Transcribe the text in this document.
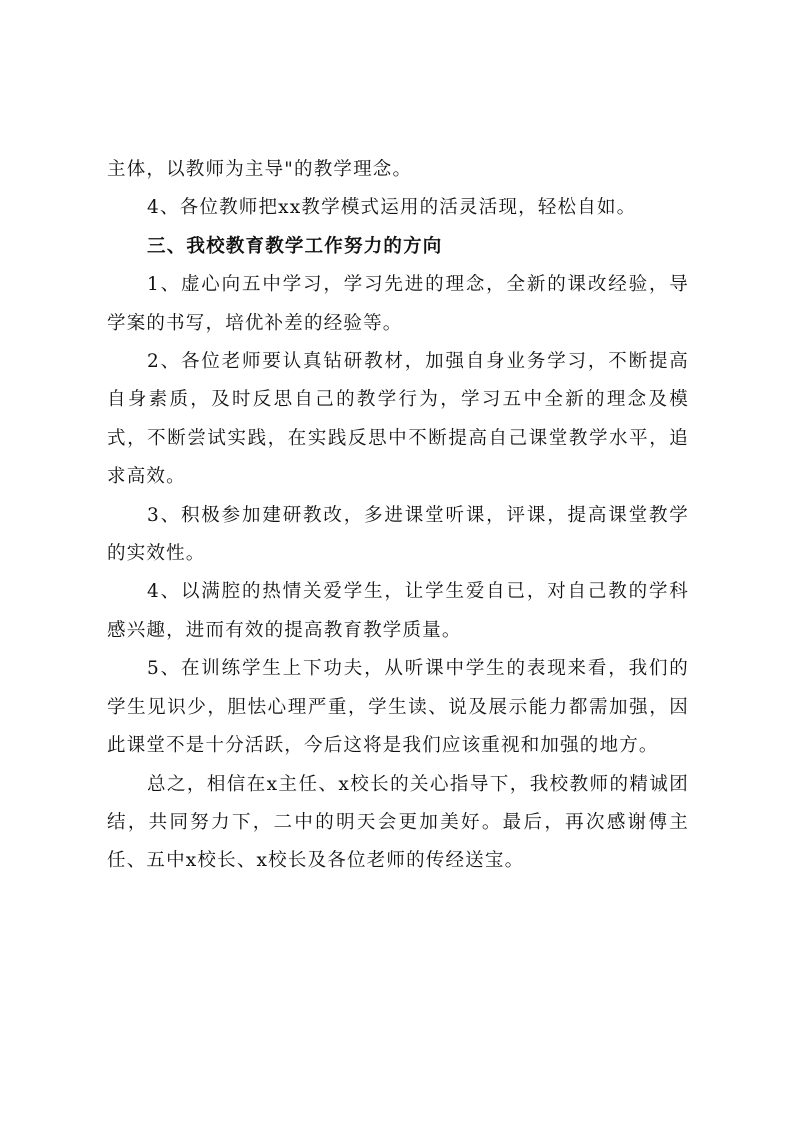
主体，以教师为主导"的教学理念。

4、各位教师把xx教学模式运用的活灵活现，轻松自如。

三、我校教育教学工作努力的方向

1、虚心向五中学习，学习先进的理念，全新的课改经验，导学案的书写，培优补差的经验等。

2、各位老师要认真钻研教材，加强自身业务学习，不断提高自身素质，及时反思自己的教学行为，学习五中全新的理念及模式，不断尝试实践，在实践反思中不断提高自己课堂教学水平，追求高效。

3、积极参加建研教改，多进课堂听课，评课，提高课堂教学的实效性。

4、以满腔的热情关爱学生，让学生爱自已，对自己教的学科感兴趣，进而有效的提高教育教学质量。

5、在训练学生上下功夫，从听课中学生的表现来看，我们的学生见识少，胆怯心理严重，学生读、说及展示能力都需加强，因此课堂不是十分活跃，今后这将是我们应该重视和加强的地方。

总之，相信在x主任、x校长的关心指导下，我校教师的精诚团结，共同努力下，二中的明天会更加美好。最后，再次感谢傅主任、五中x校长、x校长及各位老师的传经送宝。
